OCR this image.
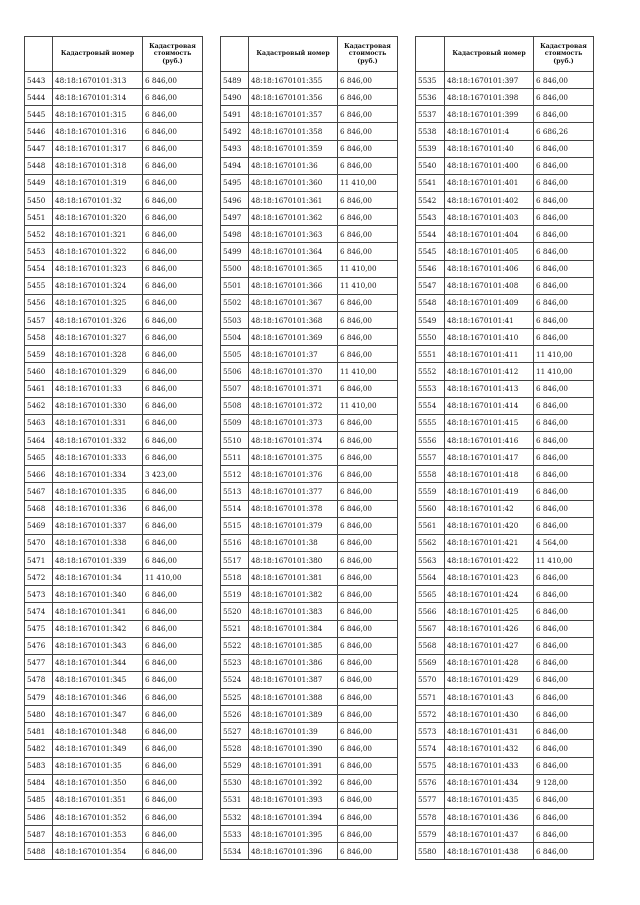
	Кадастровый номер	Кадастровая стоимость (руб.)
5443	48:18:1670101:313	6 846,00
5444	48:18:1670101:314	6 846,00
5445	48:18:1670101:315	6 846,00
5446	48:18:1670101:316	6 846,00
5447	48:18:1670101:317	6 846,00
5448	48:18:1670101:318	6 846,00
5449	48:18:1670101:319	6 846,00
5450	48:18:1670101:32	6 846,00
5451	48:18:1670101:320	6 846,00
5452	48:18:1670101:321	6 846,00
5453	48:18:1670101:322	6 846,00
5454	48:18:1670101:323	6 846,00
5455	48:18:1670101:324	6 846,00
5456	48:18:1670101:325	6 846,00
5457	48:18:1670101:326	6 846,00
5458	48:18:1670101:327	6 846,00
5459	48:18:1670101:328	6 846,00
5460	48:18:1670101:329	6 846,00
5461	48:18:1670101:33	6 846,00
5462	48:18:1670101:330	6 846,00
5463	48:18:1670101:331	6 846,00
5464	48:18:1670101:332	6 846,00
5465	48:18:1670101:333	6 846,00
5466	48:18:1670101:334	3 423,00
5467	48:18:1670101:335	6 846,00
5468	48:18:1670101:336	6 846,00
5469	48:18:1670101:337	6 846,00
5470	48:18:1670101:338	6 846,00
5471	48:18:1670101:339	6 846,00
5472	48:18:1670101:34	11 410,00
5473	48:18:1670101:340	6 846,00
5474	48:18:1670101:341	6 846,00
5475	48:18:1670101:342	6 846,00
5476	48:18:1670101:343	6 846,00
5477	48:18:1670101:344	6 846,00
5478	48:18:1670101:345	6 846,00
5479	48:18:1670101:346	6 846,00
5480	48:18:1670101:347	6 846,00
5481	48:18:1670101:348	6 846,00
5482	48:18:1670101:349	6 846,00
5483	48:18:1670101:35	6 846,00
5484	48:18:1670101:350	6 846,00
5485	48:18:1670101:351	6 846,00
5486	48:18:1670101:352	6 846,00
5487	48:18:1670101:353	6 846,00
5488	48:18:1670101:354	6 846,00
	Кадастровый номер	Кадастровая стоимость (руб.)
5489	48:18:1670101:355	6 846,00
5490	48:18:1670101:356	6 846,00
5491	48:18:1670101:357	6 846,00
5492	48:18:1670101:358	6 846,00
5493	48:18:1670101:359	6 846,00
5494	48:18:1670101:36	6 846,00
5495	48:18:1670101:360	11 410,00
5496	48:18:1670101:361	6 846,00
5497	48:18:1670101:362	6 846,00
5498	48:18:1670101:363	6 846,00
5499	48:18:1670101:364	6 846,00
5500	48:18:1670101:365	11 410,00
5501	48:18:1670101:366	11 410,00
5502	48:18:1670101:367	6 846,00
5503	48:18:1670101:368	6 846,00
5504	48:18:1670101:369	6 846,00
5505	48:18:1670101:37	6 846,00
5506	48:18:1670101:370	11 410,00
5507	48:18:1670101:371	6 846,00
5508	48:18:1670101:372	11 410,00
5509	48:18:1670101:373	6 846,00
5510	48:18:1670101:374	6 846,00
5511	48:18:1670101:375	6 846,00
5512	48:18:1670101:376	6 846,00
5513	48:18:1670101:377	6 846,00
5514	48:18:1670101:378	6 846,00
5515	48:18:1670101:379	6 846,00
5516	48:18:1670101:38	6 846,00
5517	48:18:1670101:380	6 846,00
5518	48:18:1670101:381	6 846,00
5519	48:18:1670101:382	6 846,00
5520	48:18:1670101:383	6 846,00
5521	48:18:1670101:384	6 846,00
5522	48:18:1670101:385	6 846,00
5523	48:18:1670101:386	6 846,00
5524	48:18:1670101:387	6 846,00
5525	48:18:1670101:388	6 846,00
5526	48:18:1670101:389	6 846,00
5527	48:18:1670101:39	6 846,00
5528	48:18:1670101:390	6 846,00
5529	48:18:1670101:391	6 846,00
5530	48:18:1670101:392	6 846,00
5531	48:18:1670101:393	6 846,00
5532	48:18:1670101:394	6 846,00
5533	48:18:1670101:395	6 846,00
5534	48:18:1670101:396	6 846,00
	Кадастровый номер	Кадастровая стоимость (руб.)
5535	48:18:1670101:397	6 846,00
5536	48:18:1670101:398	6 846,00
5537	48:18:1670101:399	6 846,00
5538	48:18:1670101:4	6 686,26
5539	48:18:1670101:40	6 846,00
5540	48:18:1670101:400	6 846,00
5541	48:18:1670101:401	6 846,00
5542	48:18:1670101:402	6 846,00
5543	48:18:1670101:403	6 846,00
5544	48:18:1670101:404	6 846,00
5545	48:18:1670101:405	6 846,00
5546	48:18:1670101:406	6 846,00
5547	48:18:1670101:408	6 846,00
5548	48:18:1670101:409	6 846,00
5549	48:18:1670101:41	6 846,00
5550	48:18:1670101:410	6 846,00
5551	48:18:1670101:411	11 410,00
5552	48:18:1670101:412	11 410,00
5553	48:18:1670101:413	6 846,00
5554	48:18:1670101:414	6 846,00
5555	48:18:1670101:415	6 846,00
5556	48:18:1670101:416	6 846,00
5557	48:18:1670101:417	6 846,00
5558	48:18:1670101:418	6 846,00
5559	48:18:1670101:419	6 846,00
5560	48:18:1670101:42	6 846,00
5561	48:18:1670101:420	6 846,00
5562	48:18:1670101:421	4 564,00
5563	48:18:1670101:422	11 410,00
5564	48:18:1670101:423	6 846,00
5565	48:18:1670101:424	6 846,00
5566	48:18:1670101:425	6 846,00
5567	48:18:1670101:426	6 846,00
5568	48:18:1670101:427	6 846,00
5569	48:18:1670101:428	6 846,00
5570	48:18:1670101:429	6 846,00
5571	48:18:1670101:43	6 846,00
5572	48:18:1670101:430	6 846,00
5573	48:18:1670101:431	6 846,00
5574	48:18:1670101:432	6 846,00
5575	48:18:1670101:433	6 846,00
5576	48:18:1670101:434	9 128,00
5577	48:18:1670101:435	6 846,00
5578	48:18:1670101:436	6 846,00
5579	48:18:1670101:437	6 846,00
5580	48:18:1670101:438	6 846,00
